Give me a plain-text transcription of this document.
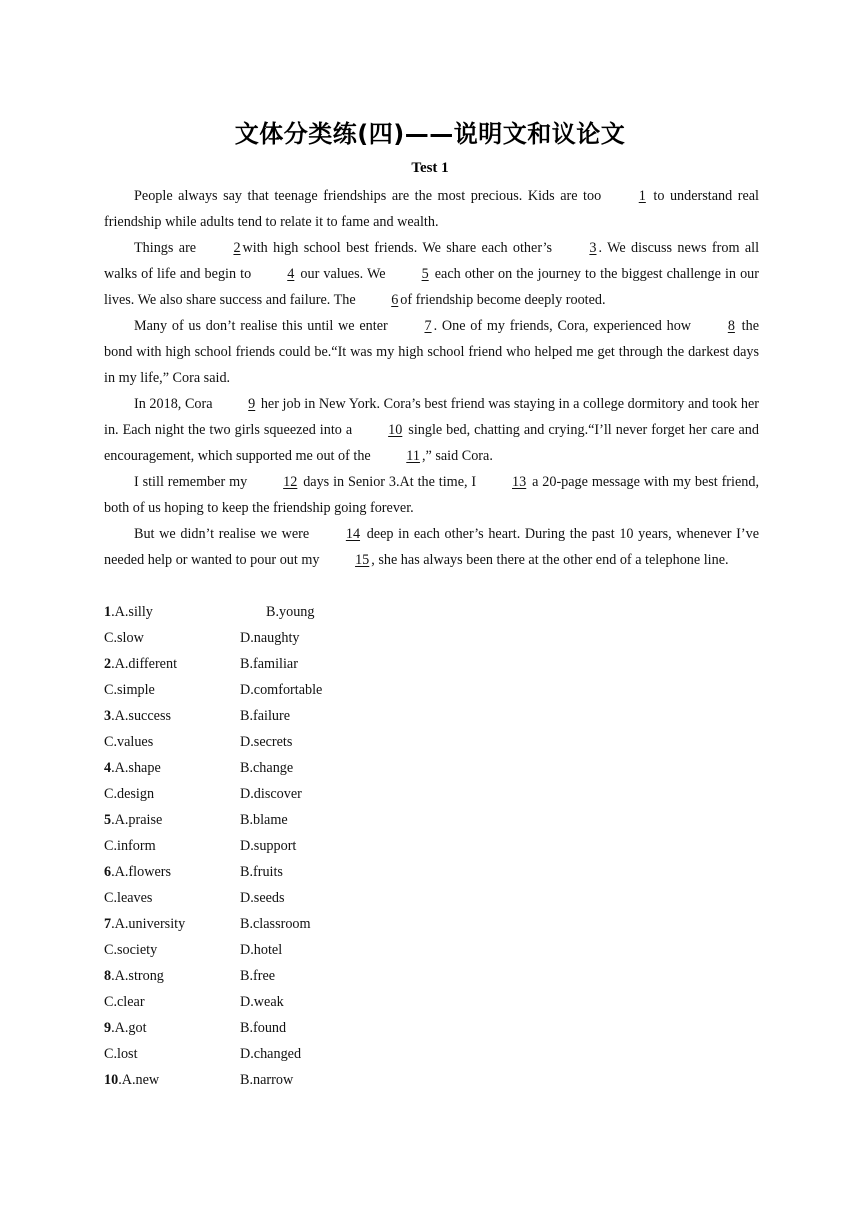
文体分类练(四)——说明文和议论文
Test 1

People always say that teenage friendships are the most precious. Kids are too 1 to understand real friendship while adults tend to relate it to fame and wealth.

Things are 2 with high school best friends. We share each other’s 3 . We discuss news from all walks of life and begin to 4 our values. We 5 each other on the journey to the biggest challenge in our lives. We also share success and failure. The 6 of friendship become deeply rooted.

Many of us don’t realise this until we enter 7 . One of my friends, Cora, experienced how 8 the bond with high school friends could be.“It was my high school friend who helped me get through the darkest days in my life,” Cora said.

In 2018, Cora 9 her job in New York. Cora’s best friend was staying in a college dormitory and took her in. Each night the two girls squeezed into a 10 single bed, chatting and crying.“I’ll never forget her care and encouragement, which supported me out of the 11 ,” said Cora.

I still remember my 12 days in Senior 3.At the time, I 13 a 20-page message with my best friend, both of us hoping to keep the friendship going forever.

But we didn’t realise we were 14 deep in each other’s heart. During the past 10 years, whenever I’ve needed help or wanted to pour out my 15 , she has always been there at the other end of a telephone line.

1.A.silly	B.young
C.slow	D.naughty
2.A.different	B.familiar
C.simple	D.comfortable
3.A.success	B.failure
C.values	D.secrets
4.A.shape	B.change
C.design	D.discover
5.A.praise	B.blame
C.inform	D.support
6.A.flowers	B.fruits
C.leaves	D.seeds
7.A.university	B.classroom
C.society	D.hotel
8.A.strong	B.free
C.clear	D.weak
9.A.got	B.found
C.lost	D.changed
10.A.new	B.narrow
